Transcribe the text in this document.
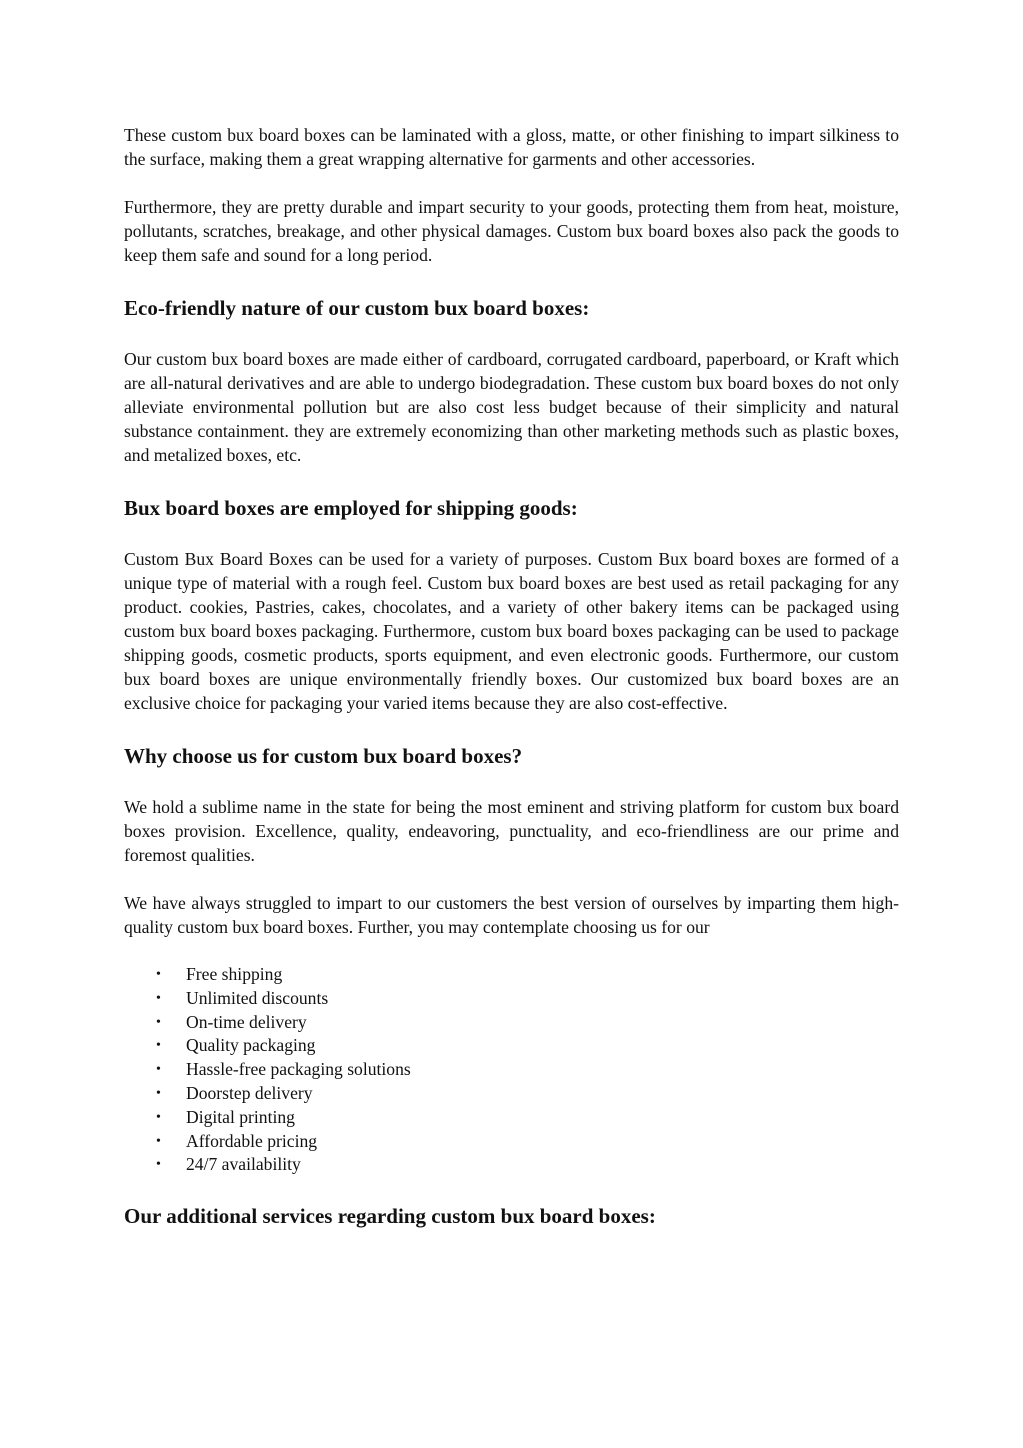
These custom bux board boxes can be laminated with a gloss, matte, or other finishing to impart silkiness to the surface, making them a great wrapping alternative for garments and other accessories.

Furthermore, they are pretty durable and impart security to your goods, protecting them from heat, moisture, pollutants, scratches, breakage, and other physical damages. Custom bux board boxes also pack the goods to keep them safe and sound for a long period.

Eco-friendly nature of our custom bux board boxes:

Our custom bux board boxes are made either of cardboard, corrugated cardboard, paperboard, or Kraft which are all-natural derivatives and are able to undergo biodegradation. These custom bux board boxes do not only alleviate environmental pollution but are also cost less budget because of their simplicity and natural substance containment. they are extremely economizing than other marketing methods such as plastic boxes, and metalized boxes, etc.

Bux board boxes are employed for shipping goods:

Custom Bux Board Boxes can be used for a variety of purposes. Custom Bux board boxes are formed of a unique type of material with a rough feel. Custom bux board boxes are best used as retail packaging for any product. cookies, Pastries, cakes, chocolates, and a variety of other bakery items can be packaged using custom bux board boxes packaging. Furthermore, custom bux board boxes packaging can be used to package shipping goods, cosmetic products, sports equipment, and even electronic goods. Furthermore, our custom bux board boxes are unique environmentally friendly boxes. Our customized bux board boxes are an exclusive choice for packaging your varied items because they are also cost-effective.

Why choose us for custom bux board boxes?

We hold a sublime name in the state for being the most eminent and striving platform for custom bux board boxes provision. Excellence, quality, endeavoring, punctuality, and eco-friendliness are our prime and foremost qualities.

We have always struggled to impart to our customers the best version of ourselves by imparting them high-quality custom bux board boxes. Further, you may contemplate choosing us for our

• Free shipping
• Unlimited discounts
• On-time delivery
• Quality packaging
• Hassle-free packaging solutions
• Doorstep delivery
• Digital printing
• Affordable pricing
• 24/7 availability
Our additional services regarding custom bux board boxes:
